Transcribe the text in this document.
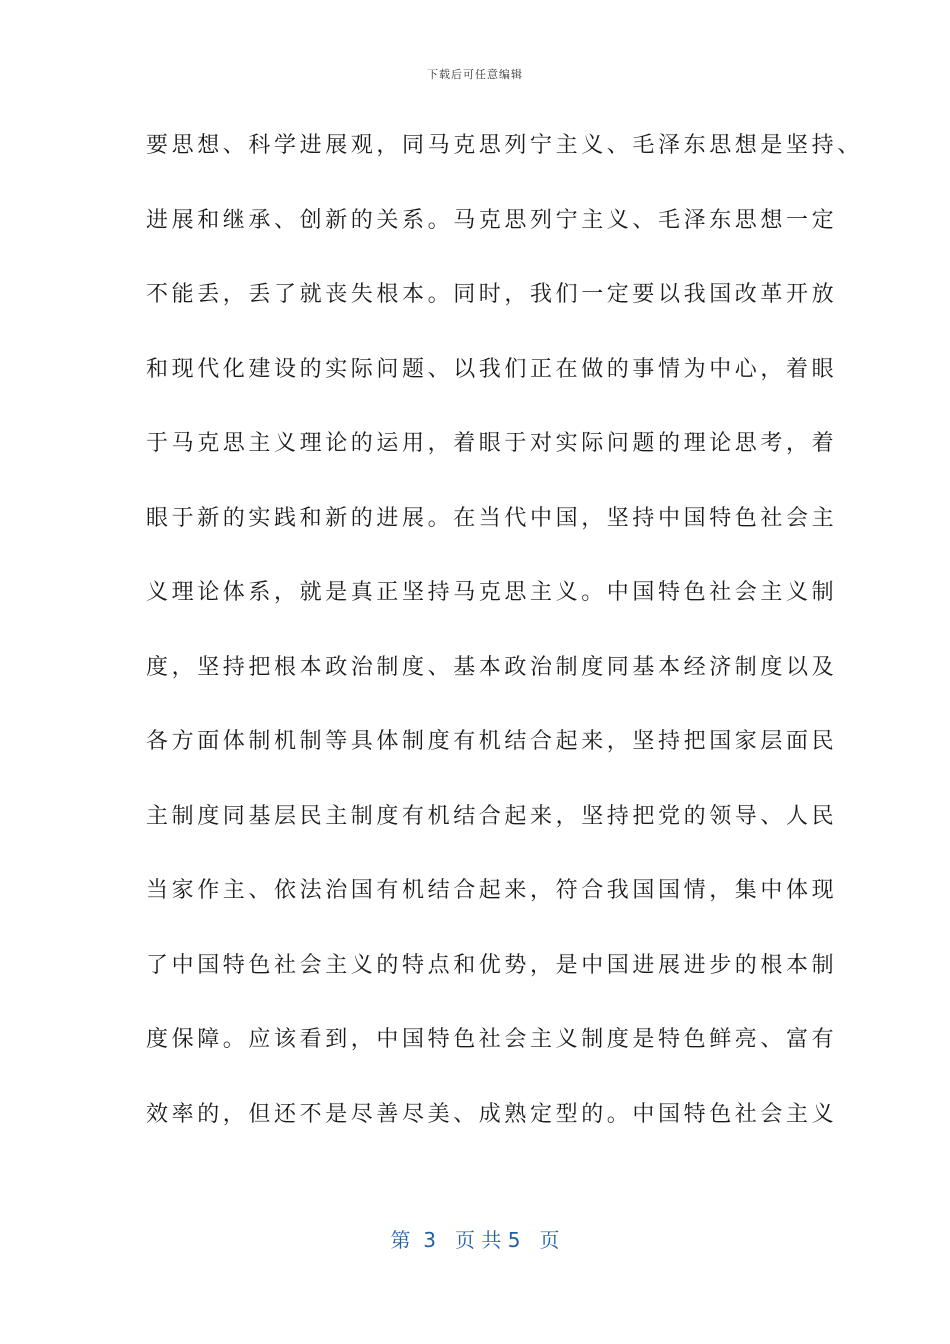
下载后可任意编辑
要思想、科学进展观，同马克思列宁主义、毛泽东思想是坚持、
进展和继承、创新的关系。马克思列宁主义、毛泽东思想一定
不能丢，丢了就丧失根本。同时，我们一定要以我国改革开放
和现代化建设的实际问题、以我们正在做的事情为中心，着眼
于马克思主义理论的运用，着眼于对实际问题的理论思考，着
眼于新的实践和新的进展。在当代中国，坚持中国特色社会主
义理论体系，就是真正坚持马克思主义。中国特色社会主义制
度，坚持把根本政治制度、基本政治制度同基本经济制度以及
各方面体制机制等具体制度有机结合起来，坚持把国家层面民
主制度同基层民主制度有机结合起来，坚持把党的领导、人民
当家作主、依法治国有机结合起来，符合我国国情，集中体现
了中国特色社会主义的特点和优势，是中国进展进步的根本制
度保障。应该看到，中国特色社会主义制度是特色鲜亮、富有
效率的，但还不是尽善尽美、成熟定型的。中国特色社会主义
第  3   页 共 5   页
